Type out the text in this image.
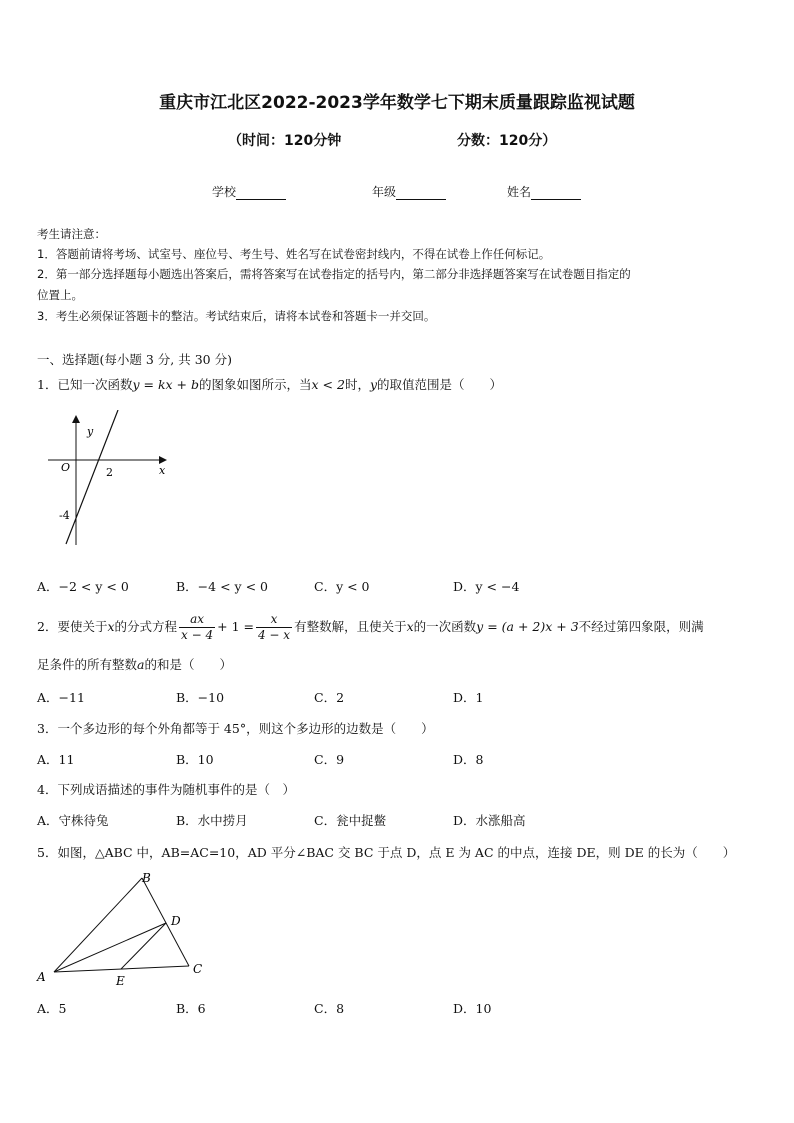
重庆市江北区2022-2023学年数学七下期末质量跟踪监视试题
（时间：120分钟	分数：120分）
学校	年级	姓名
考生请注意：
1．答题前请将考场、试室号、座位号、考生号、姓名写在试卷密封线内，不得在试卷上作任何标记。
2．第一部分选择题每小题选出答案后，需将答案写在试卷指定的括号内，第二部分非选择题答案写在试卷题目指定的
位置上。
3．考生必须保证答题卡的整洁。考试结束后，请将本试卷和答题卡一并交回。
一、选择题(每小题 3 分, 共 30 分)
1．已知一次函数y = kx + b的图象如图所示，当x < 2时，y的取值范围是（　　）
y
x
O	2
-4
A．−2 < y < 0	B．−4 < y < 0	C．y < 0	D．y < −4
2．要使关于x的分式方程 $\frac{ax}{x - 4} + 1 = \frac{x}{4 - x}$ 有整数解，且使关于x的一次函数y = (a + 2)x + 3不经过第四象限，则满
足条件的所有整数a的和是（　　）
A．−11	B．−10	C．2	D．1
3．一个多边形的每个外角都等于 45°，则这个多边形的边数是（　　）
A．11	B．10	C．9	D．8
4．下列成语描述的事件为随机事件的是（　）
A．守株待兔	B．水中捞月	C．瓮中捉鳖	D．水涨船高
5．如图，△ABC 中，AB=AC=10，AD 平分∠BAC 交 BC 于点 D，点 E 为 AC 的中点，连接 DE，则 DE 的长为（　　）
A
B
C
D
E
A．5	B．6	C．8	D．10
